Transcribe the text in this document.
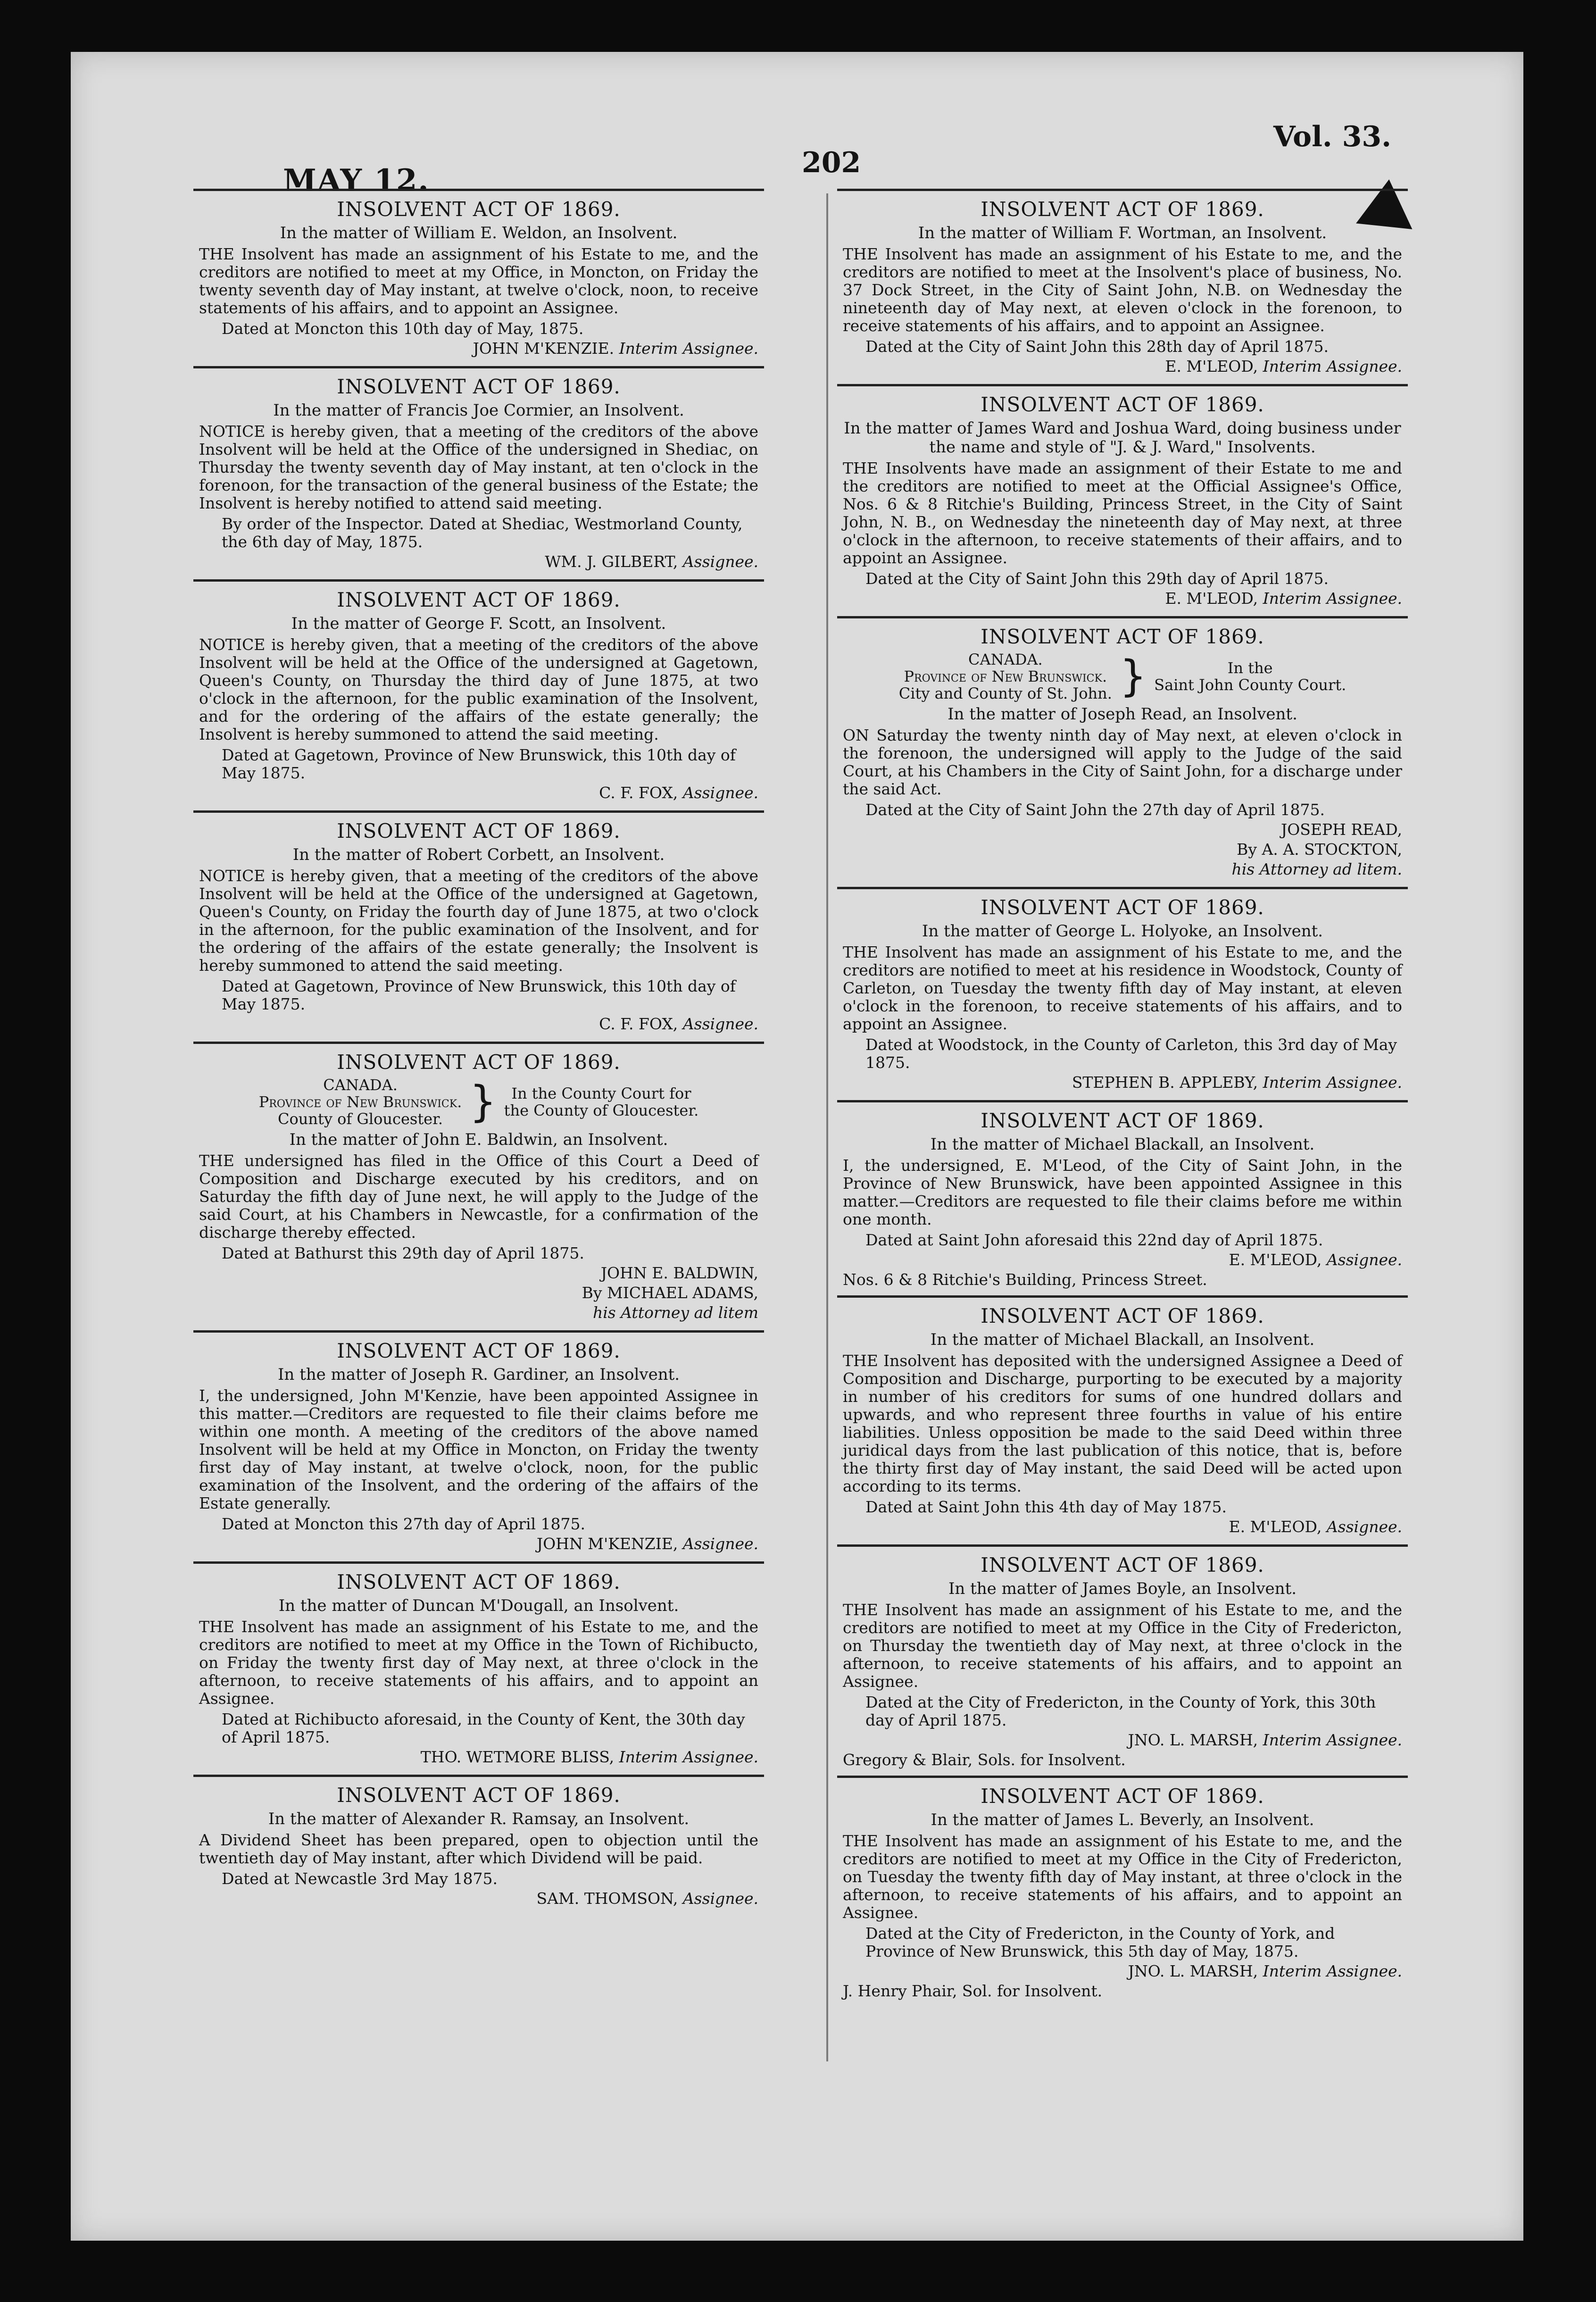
MAY 12.	202
Vol. 33.
INSOLVENT ACT OF 1869.
In the matter of William E. Weldon, an Insolvent.
THE Insolvent has made an assignment of his Estate to me, and the creditors are notified to meet at my Office, in Moncton, on Friday the twenty seventh day of May instant, at twelve o'clock, noon, to receive statements of his affairs, and to appoint an Assignee.
Dated at Moncton this 10th day of May, 1875.
JOHN M'KENZIE. Interim Assignee.
INSOLVENT ACT OF 1869.
In the matter of Francis Joe Cormier, an Insolvent.
NOTICE is hereby given, that a meeting of the creditors of the above Insolvent will be held at the Office of the undersigned in Shediac, on Thursday the twenty seventh day of May instant, at ten o'clock in the forenoon, for the transaction of the general business of the Estate; the Insolvent is hereby notified to attend said meeting.
By order of the Inspector. Dated at Shediac, Westmorland County, the 6th day of May, 1875.
WM. J. GILBERT, Assignee.
INSOLVENT ACT OF 1869.
In the matter of George F. Scott, an Insolvent.
NOTICE is hereby given, that a meeting of the creditors of the above Insolvent will be held at the Office of the undersigned at Gagetown, Queen's County, on Thursday the third day of June 1875, at two o'clock in the afternoon, for the public examination of the Insolvent, and for the ordering of the affairs of the estate generally; the Insolvent is hereby summoned to attend the said meeting.
Dated at Gagetown, Province of New Brunswick, this 10th day of May 1875.
C. F. FOX, Assignee.
INSOLVENT ACT OF 1869.
In the matter of Robert Corbett, an Insolvent.
NOTICE is hereby given, that a meeting of the creditors of the above Insolvent will be held at the Office of the undersigned at Gagetown, Queen's County, on Friday the fourth day of June 1875, at two o'clock in the afternoon, for the public examination of the Insolvent, and for the ordering of the affairs of the estate generally; the Insolvent is hereby summoned to attend the said meeting.
Dated at Gagetown, Province of New Brunswick, this 10th day of May 1875.
C. F. FOX, Assignee.
INSOLVENT ACT OF 1869.
CANADA.
Province of New Brunswick.
County of Gloucester. } In the County Court for
the County of Gloucester.
In the matter of John E. Baldwin, an Insolvent.
THE undersigned has filed in the Office of this Court a Deed of Composition and Discharge executed by his creditors, and on Saturday the fifth day of June next, he will apply to the Judge of the said Court, at his Chambers in Newcastle, for a confirmation of the discharge thereby effected.
Dated at Bathurst this 29th day of April 1875.
JOHN E. BALDWIN,
By MICHAEL ADAMS,
his Attorney ad litem
INSOLVENT ACT OF 1869.
In the matter of Joseph R. Gardiner, an Insolvent.
I, the undersigned, John M'Kenzie, have been appointed Assignee in this matter.—Creditors are requested to file their claims before me within one month. A meeting of the creditors of the above named Insolvent will be held at my Office in Moncton, on Friday the twenty first day of May instant, at twelve o'clock, noon, for the public examination of the Insolvent, and the ordering of the affairs of the Estate generally.
Dated at Moncton this 27th day of April 1875.
JOHN M'KENZIE, Assignee.
INSOLVENT ACT OF 1869.
In the matter of Duncan M'Dougall, an Insolvent.
THE Insolvent has made an assignment of his Estate to me, and the creditors are notified to meet at my Office in the Town of Richibucto, on Friday the twenty first day of May next, at three o'clock in the afternoon, to receive statements of his affairs, and to appoint an Assignee.
Dated at Richibucto aforesaid, in the County of Kent, the 30th day of April 1875.
THO. WETMORE BLISS, Interim Assignee.
INSOLVENT ACT OF 1869.
In the matter of Alexander R. Ramsay, an Insolvent.
A Dividend Sheet has been prepared, open to objection until the twentieth day of May instant, after which Dividend will be paid.
Dated at Newcastle 3rd May 1875.
SAM. THOMSON, Assignee.
INSOLVENT ACT OF 1869.
In the matter of William F. Wortman, an Insolvent.
THE Insolvent has made an assignment of his Estate to me, and the creditors are notified to meet at the Insolvent's place of business, No. 37 Dock Street, in the City of Saint John, N.B. on Wednesday the nineteenth day of May next, at eleven o'clock in the forenoon, to receive statements of his affairs, and to appoint an Assignee.
Dated at the City of Saint John this 28th day of April 1875.
E. M'LEOD, Interim Assignee.
INSOLVENT ACT OF 1869.
In the matter of James Ward and Joshua Ward, doing business under the name and style of "J. & J. Ward," Insolvents.
THE Insolvents have made an assignment of their Estate to me and the creditors are notified to meet at the Official Assignee's Office, Nos. 6 & 8 Ritchie's Building, Princess Street, in the City of Saint John, N. B., on Wednesday the nineteenth day of May next, at three o'clock in the afternoon, to receive statements of their affairs, and to appoint an Assignee.
Dated at the City of Saint John this 29th day of April 1875.
E. M'LEOD, Interim Assignee.
INSOLVENT ACT OF 1869.
CANADA.
Province of New Brunswick.
City and County of St. John. }	In the
Saint John County Court.
In the matter of Joseph Read, an Insolvent.
ON Saturday the twenty ninth day of May next, at eleven o'clock in the forenoon, the undersigned will apply to the Judge of the said Court, at his Chambers in the City of Saint John, for a discharge under the said Act.
Dated at the City of Saint John the 27th day of April 1875.
JOSEPH READ,
By A. A. STOCKTON,
his Attorney ad litem.
INSOLVENT ACT OF 1869.
In the matter of George L. Holyoke, an Insolvent.
THE Insolvent has made an assignment of his Estate to me, and the creditors are notified to meet at his residence in Woodstock, County of Carleton, on Tuesday the twenty fifth day of May instant, at eleven o'clock in the forenoon, to receive statements of his affairs, and to appoint an Assignee.
Dated at Woodstock, in the County of Carleton, this 3rd day of May 1875.
STEPHEN B. APPLEBY, Interim Assignee.
INSOLVENT ACT OF 1869.
In the matter of Michael Blackall, an Insolvent.
I, the undersigned, E. M'Leod, of the City of Saint John, in the Province of New Brunswick, have been appointed Assignee in this matter.—Creditors are requested to file their claims before me within one month.
Dated at Saint John aforesaid this 22nd day of April 1875.
E. M'LEOD, Assignee.
Nos. 6 & 8 Ritchie's Building, Princess Street.
INSOLVENT ACT OF 1869.
In the matter of Michael Blackall, an Insolvent.
THE Insolvent has deposited with the undersigned Assignee a Deed of Composition and Discharge, purporting to be executed by a majority in number of his creditors for sums of one hundred dollars and upwards, and who represent three fourths in value of his entire liabilities. Unless opposition be made to the said Deed within three juridical days from the last publication of this notice, that is, before the thirty first day of May instant, the said Deed will be acted upon according to its terms.
Dated at Saint John this 4th day of May 1875.
E. M'LEOD, Assignee.
INSOLVENT ACT OF 1869.
In the matter of James Boyle, an Insolvent.
THE Insolvent has made an assignment of his Estate to me, and the creditors are notified to meet at my Office in the City of Fredericton, on Thursday the twentieth day of May next, at three o'clock in the afternoon, to receive statements of his affairs, and to appoint an Assignee.
Dated at the City of Fredericton, in the County of York, this 30th day of April 1875.
JNO. L. MARSH, Interim Assignee.
Gregory & Blair, Sols. for Insolvent.
INSOLVENT ACT OF 1869.
In the matter of James L. Beverly, an Insolvent.
THE Insolvent has made an assignment of his Estate to me, and the creditors are notified to meet at my Office in the City of Fredericton, on Tuesday the twenty fifth day of May instant, at three o'clock in the afternoon, to receive statements of his affairs, and to appoint an Assignee.
Dated at the City of Fredericton, in the County of York, and Province of New Brunswick, this 5th day of May, 1875.
JNO. L. MARSH, Interim Assignee.
J. Henry Phair, Sol. for Insolvent.
